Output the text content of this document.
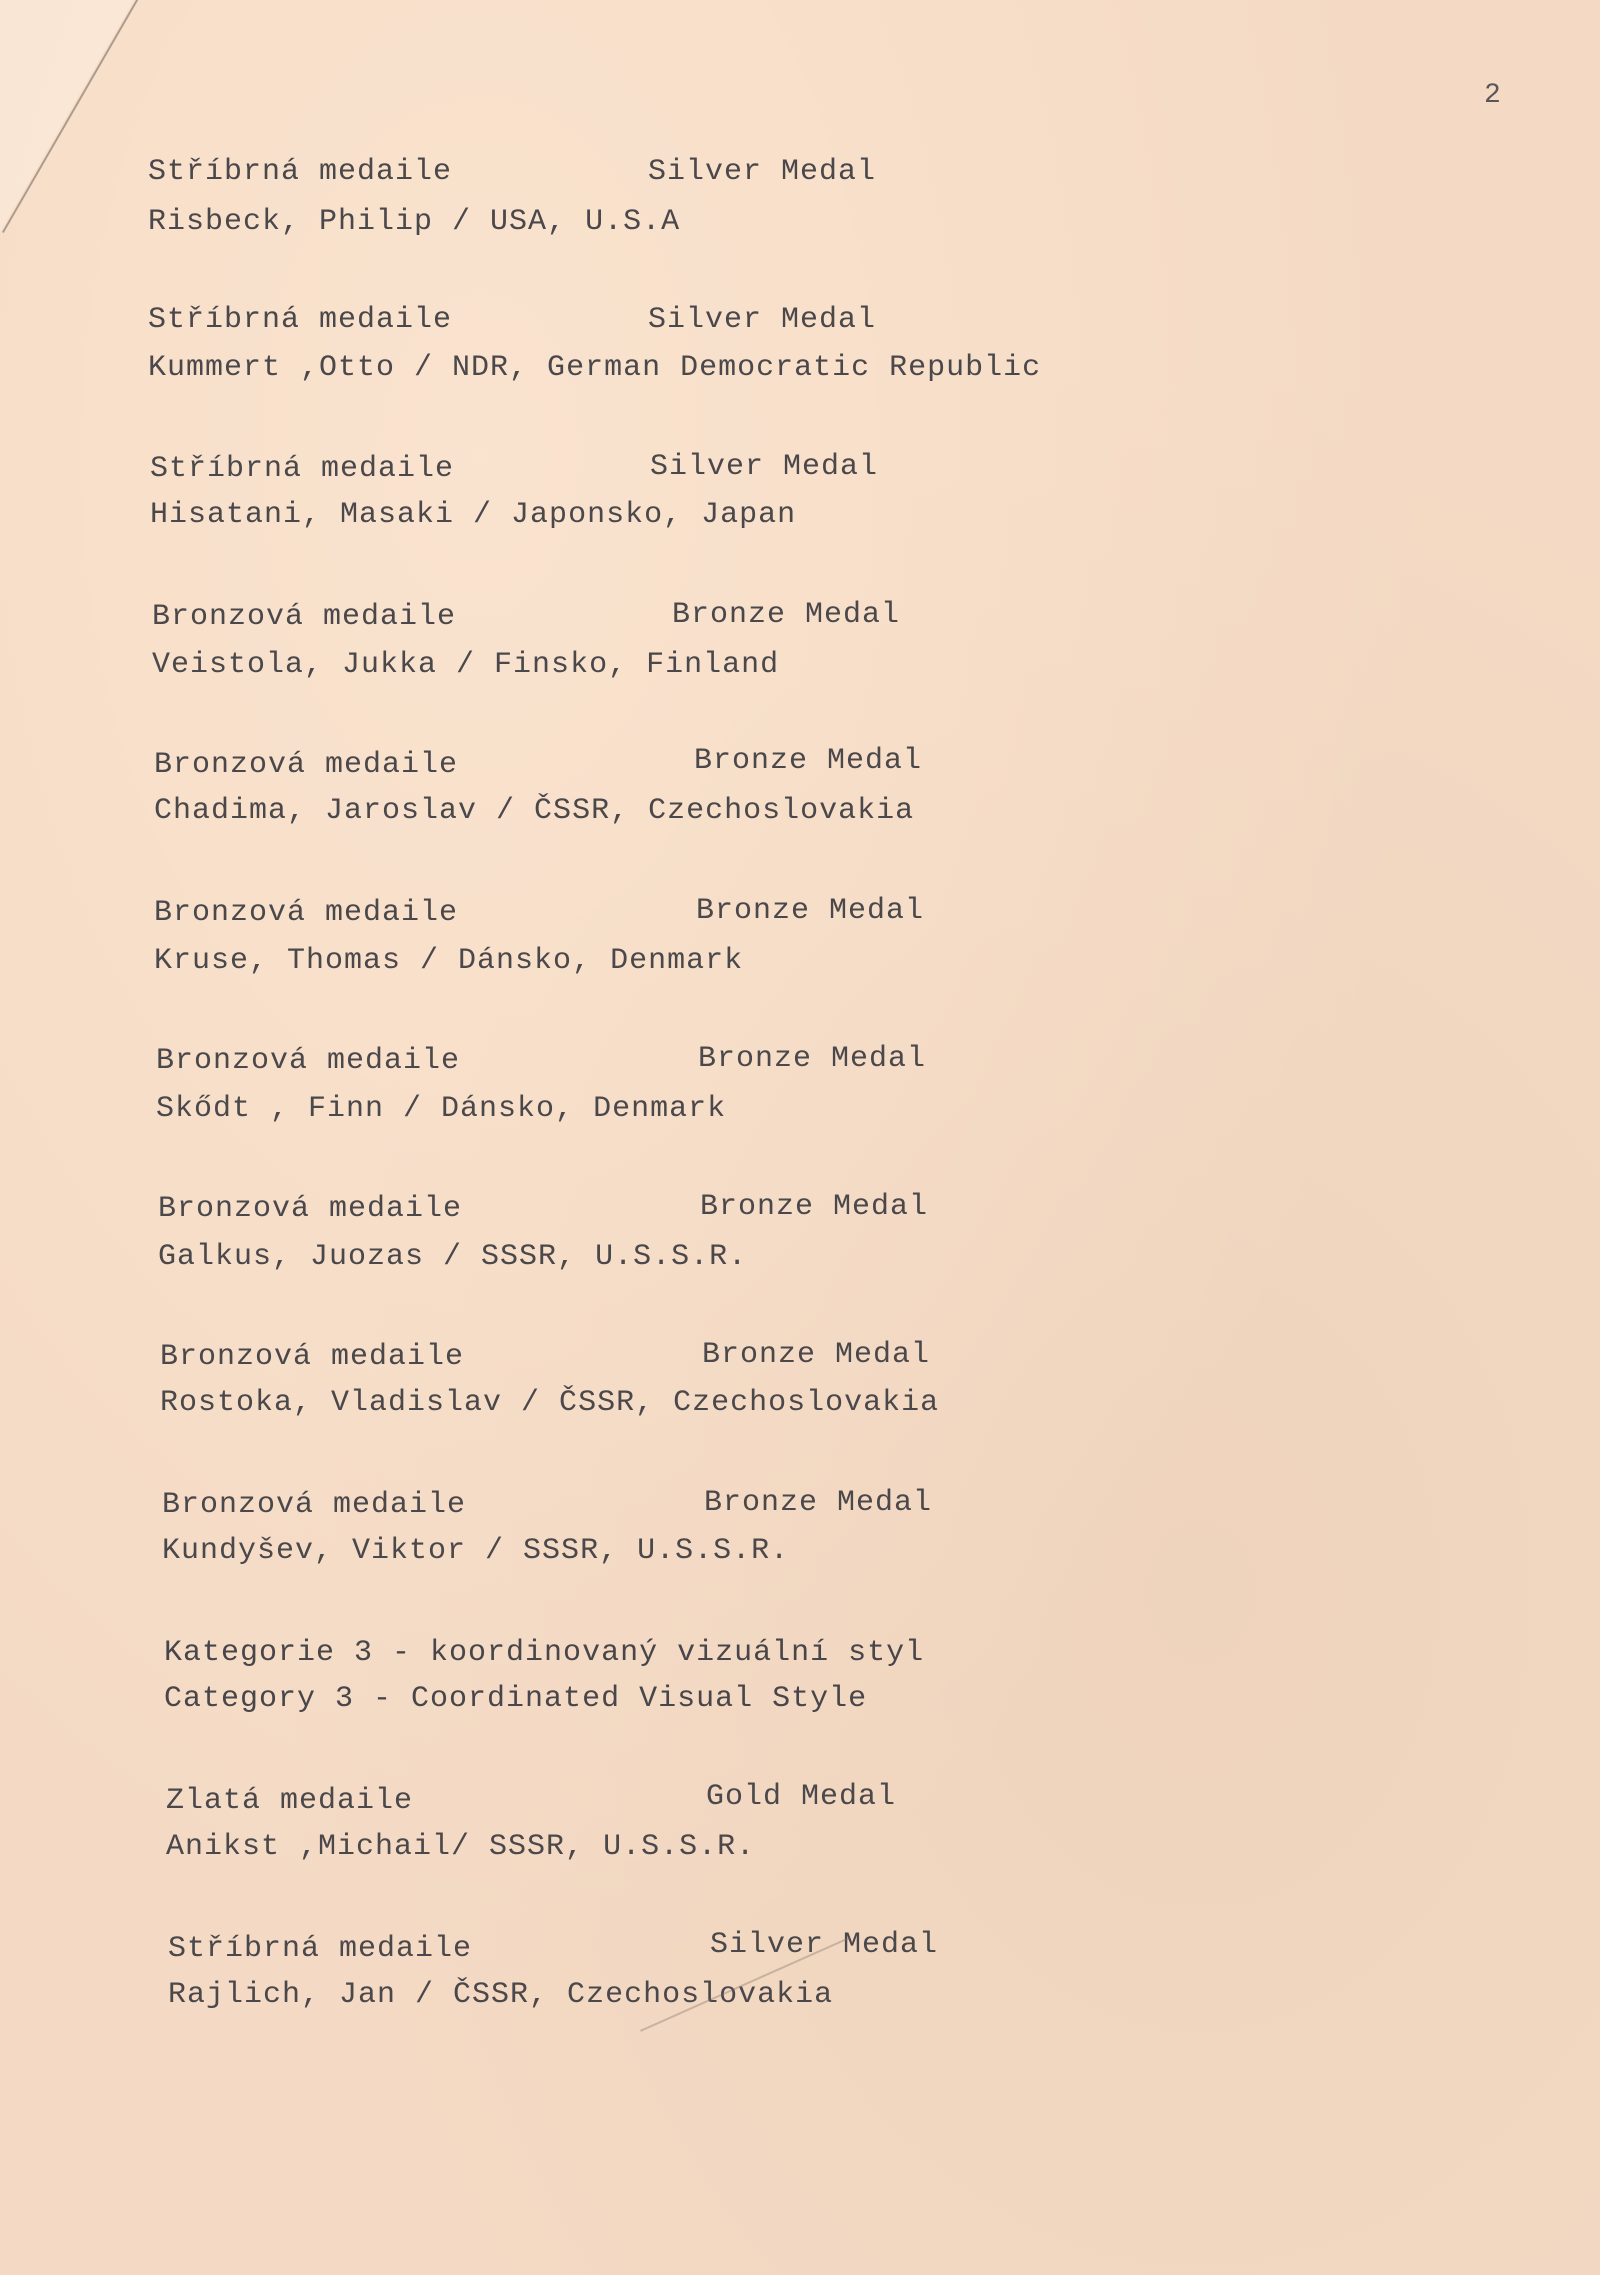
2
Stříbrná medaile	Silver Medal
Risbeck, Philip / USA, U.S.A
Stříbrná medaile	Silver Medal
Kummert ,Otto / NDR, German Democratic Republic
Stříbrná medaile	Silver Medal
Hisatani, Masaki / Japonsko, Japan
Bronzová medaile	Bronze Medal
Veistola, Jukka / Finsko, Finland
Bronzová medaile	Bronze Medal
Chadima, Jaroslav / ČSSR, Czechoslovakia
Bronzová medaile	Bronze Medal
Kruse, Thomas / Dánsko, Denmark
Bronzová medaile	Bronze Medal
Skődt , Finn / Dánsko, Denmark
Bronzová medaile	Bronze Medal
Galkus, Juozas / SSSR, U.S.S.R.
Bronzová medaile	Bronze Medal
Rostoka, Vladislav / ČSSR, Czechoslovakia
Bronzová medaile	Bronze Medal
Kundyšev, Viktor / SSSR, U.S.S.R.
Kategorie 3 - koordinovaný vizuální styl
Category 3 - Coordinated Visual Style
Zlatá medaile	Gold Medal
Anikst ,Michail/ SSSR, U.S.S.R.
Stříbrná medaile	Silver Medal
Rajlich, Jan / ČSSR, Czechoslovakia
